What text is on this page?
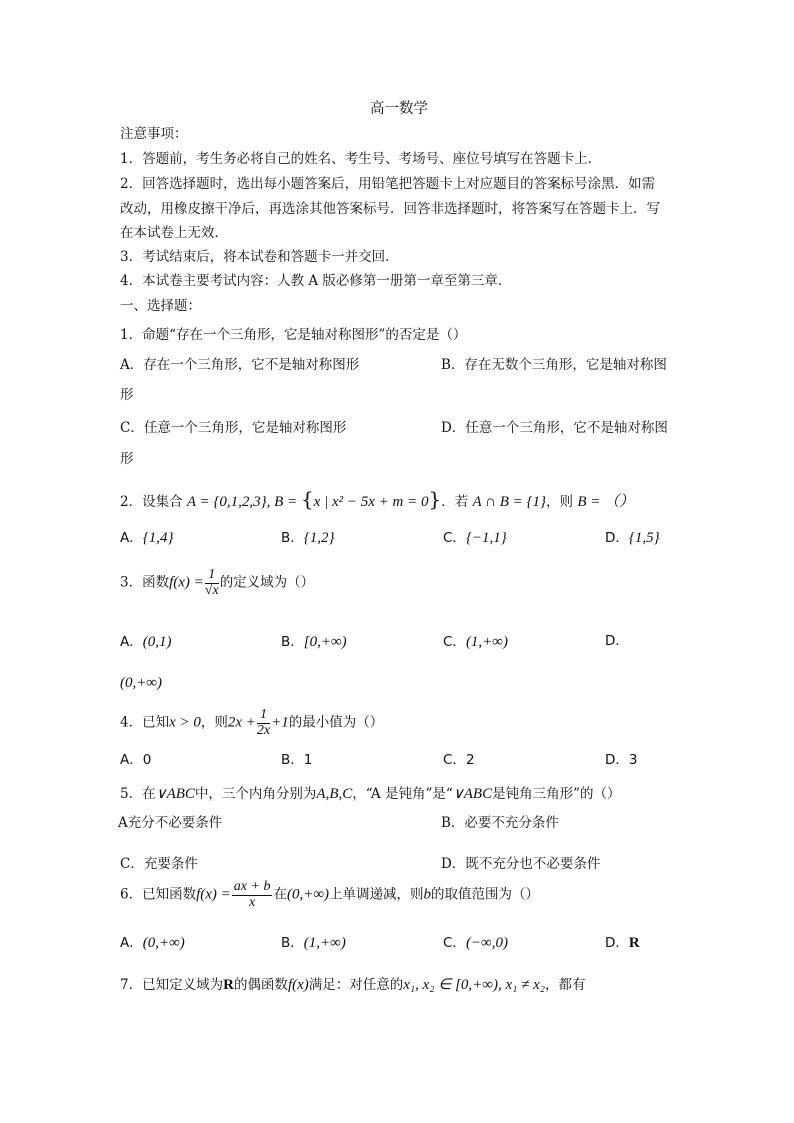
高一数学
注意事项：
1．答题前，考生务必将自己的姓名、考生号、考场号、座位号填写在答题卡上．
2．回答选择题时，选出每小题答案后，用铅笔把答题卡上对应题目的答案标号涂黑．如需
改动，用橡皮擦干净后，再选涂其他答案标号．回答非选择题时，将答案写在答题卡上．写
在本试卷上无效．
3．考试结束后，将本试卷和答题卡一并交回．
4．本试卷主要考试内容：人教 A 版必修第一册第一章至第三章．
一、选择题：
1．命题“存在一个三角形，它是轴对称图形”的否定是（）
A．存在一个三角形，它不是轴对称图形	B．存在无数个三角形，它是轴对称图
形
C．任意一个三角形，它是轴对称图形	D．任意一个三角形，它不是轴对称图
形
2．设集合 A = {0,1,2,3}, B = {x | x² − 5x + m = 0}．若 A ∩ B = {1}，则 B = （）
A．{1,4}	B．{1,2}	C．{−1,1}	D．{1,5}
3．函数$f(x) = \frac{1}{√x}$ 的定义域为（）
A．(0,1)	B．[0,+∞)	C．(1,+∞)	D．
(0,+∞)
4．已知x > 0，则$2x + \frac{1}{2x} +1$的最小值为（）
A．0	B．1	C．2	D．3
5．在∨ABC中，三个内角分别为A,B,C，“A 是钝角”是“∨ABC是钝角三角形”的（）
A充分不必要条件	B．必要不充分条件
C．充要条件	D．既不充分也不必要条件
6．已知函数$f(x) = \frac{ax + b}{x}$ 在(0,+∞)上单调递减，则b的取值范围为（）
A．(0,+∞)	B．(1,+∞)	C．(−∞,0)	D．R
7．已知定义域为R的偶函数f(x)满足：对任意的x₁, x₂ ∈ [0,+∞), x₁ ≠ x₂，都有
